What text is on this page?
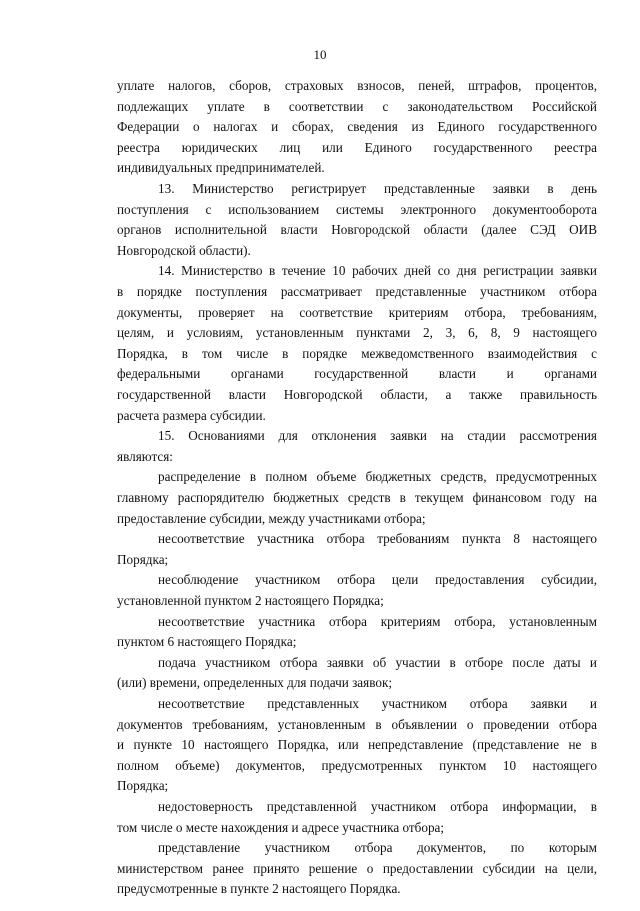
10
уплате налогов, сборов, страховых взносов, пеней, штрафов, процентов,
подлежащих уплате в соответствии с законодательством Российской
Федерации о налогах и сборах, сведения из Единого государственного
реестра юридических лиц или Единого государственного реестра
индивидуальных предпринимателей.
13. Министерство регистрирует представленные заявки в день
поступления с использованием системы электронного документооборота
органов исполнительной власти Новгородской области (далее СЭД ОИВ
Новгородской области).
14. Министерство в течение 10 рабочих дней со дня регистрации заявки
в порядке поступления рассматривает представленные участником отбора
документы, проверяет на соответствие критериям отбора, требованиям,
целям, и условиям, установленным пунктами 2, 3, 6, 8, 9 настоящего
Порядка, в том числе в порядке межведомственного взаимодействия с
федеральными органами государственной власти и органами
государственной власти Новгородской области, а также правильность
расчета размера субсидии.
15. Основаниями для отклонения заявки на стадии рассмотрения
являются:
распределение в полном объеме бюджетных средств, предусмотренных
главному распорядителю бюджетных средств в текущем финансовом году на
предоставление субсидии, между участниками отбора;
несоответствие участника отбора требованиям пункта 8 настоящего
Порядка;
несоблюдение участником отбора цели предоставления субсидии,
установленной пунктом 2 настоящего Порядка;
несоответствие участника отбора критериям отбора, установленным
пунктом 6 настоящего Порядка;
подача участником отбора заявки об участии в отборе после даты и
(или) времени, определенных для подачи заявок;
несоответствие представленных участником отбора заявки и
документов требованиям, установленным в объявлении о проведении отбора
и пункте 10 настоящего Порядка, или непредставление (представление не в
полном объеме) документов, предусмотренных пунктом 10 настоящего
Порядка;
недостоверность представленной участником отбора информации, в
том числе о месте нахождения и адресе участника отбора;
представление участником отбора документов, по которым
министерством ранее принято решение о предоставлении субсидии на цели,
предусмотренные в пункте 2 настоящего Порядка.
